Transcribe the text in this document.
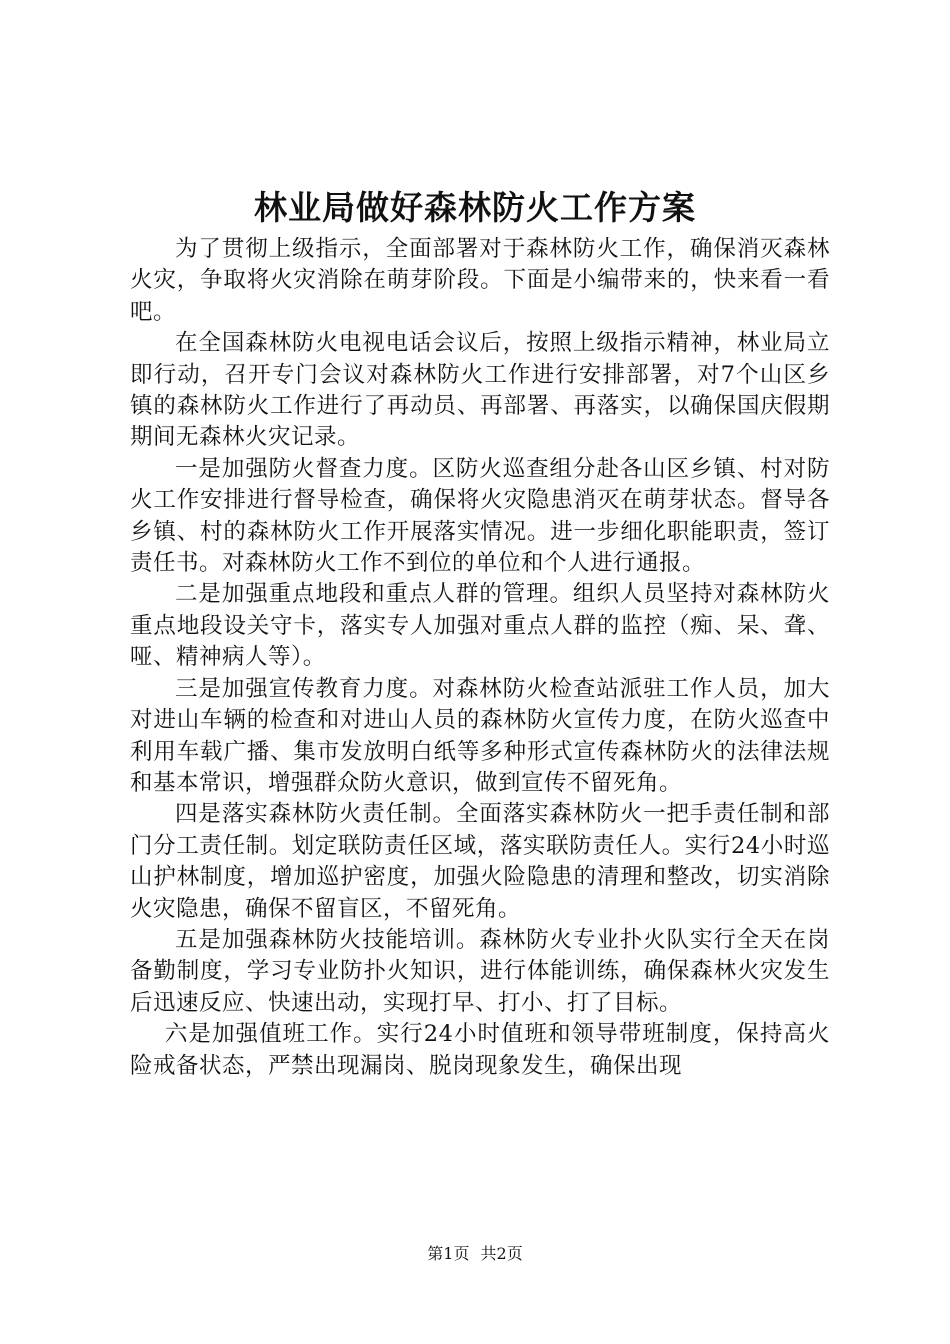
林业局做好森林防火工作方案

为了贯彻上级指示，全面部署对于森林防火工作，确保消灭森林火灾，争取将火灾消除在萌芽阶段。下面是小编带来的，快来看一看吧。

在全国森林防火电视电话会议后，按照上级指示精神，林业局立即行动，召开专门会议对森林防火工作进行安排部署，对7个山区乡镇的森林防火工作进行了再动员、再部署、再落实，以确保国庆假期期间无森林火灾记录。

一是加强防火督查力度。区防火巡查组分赴各山区乡镇、村对防火工作安排进行督导检查，确保将火灾隐患消灭在萌芽状态。督导各乡镇、村的森林防火工作开展落实情况。进一步细化职能职责，签订责任书。对森林防火工作不到位的单位和个人进行通报。

二是加强重点地段和重点人群的管理。组织人员坚持对森林防火重点地段设关守卡，落实专人加强对重点人群的监控（痴、呆、聋、哑、精神病人等）。

三是加强宣传教育力度。对森林防火检查站派驻工作人员，加大对进山车辆的检查和对进山人员的森林防火宣传力度，在防火巡查中利用车载广播、集市发放明白纸等多种形式宣传森林防火的法律法规和基本常识，增强群众防火意识，做到宣传不留死角。

四是落实森林防火责任制。全面落实森林防火一把手责任制和部门分工责任制。划定联防责任区域，落实联防责任人。实行24小时巡山护林制度，增加巡护密度，加强火险隐患的清理和整改，切实消除火灾隐患，确保不留盲区，不留死角。

五是加强森林防火技能培训。森林防火专业扑火队实行全天在岗备勤制度，学习专业防扑火知识，进行体能训练，确保森林火灾发生后迅速反应、快速出动，实现打早、打小、打了目标。

六是加强值班工作。实行24小时值班和领导带班制度，保持高火险戒备状态，严禁出现漏岗、脱岗现象发生，确保出现

第1页 共2页
